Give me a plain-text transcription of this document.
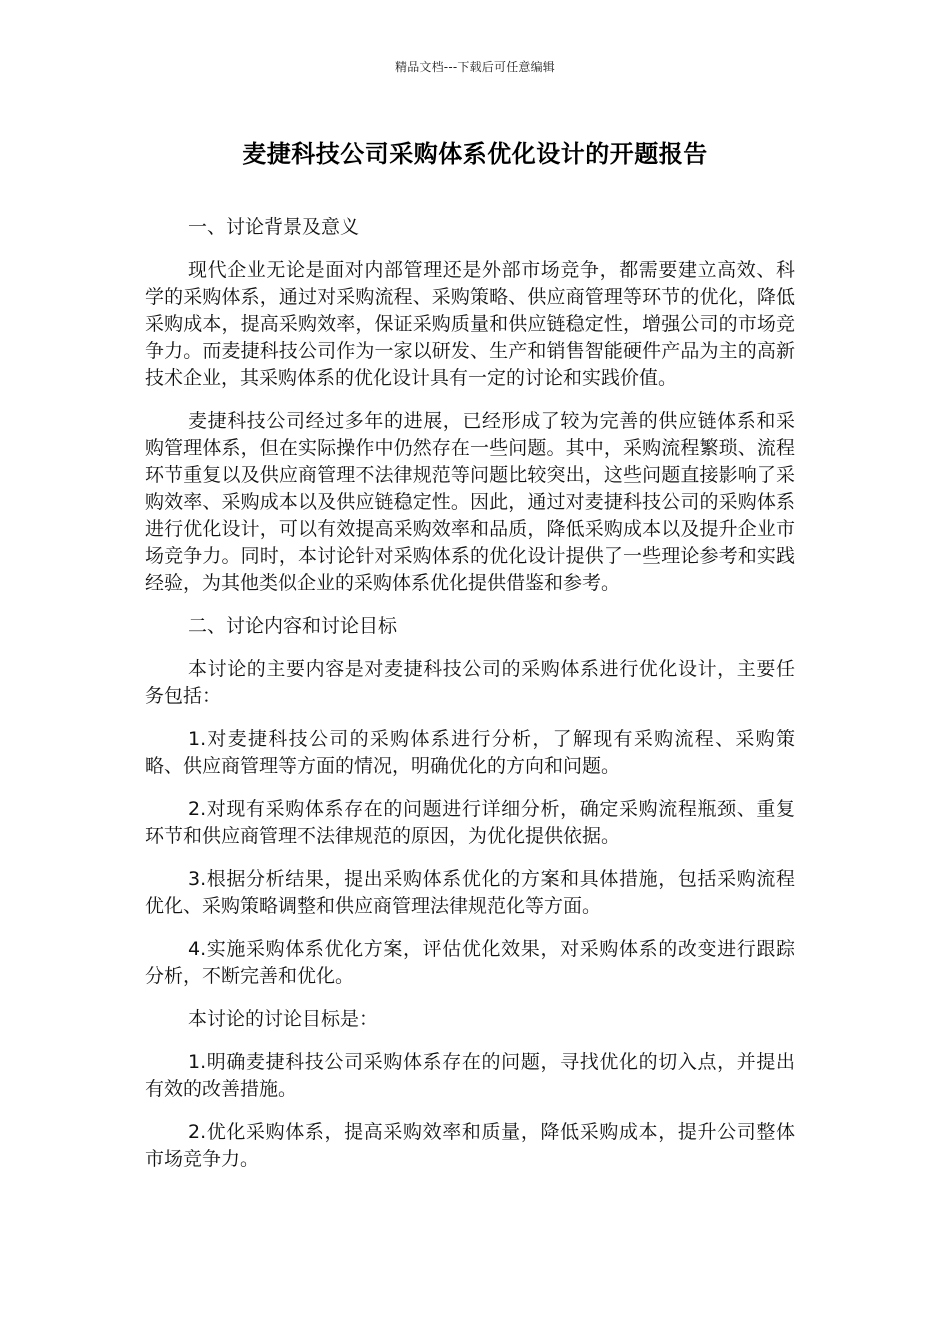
精品文档---下载后可任意编辑
麦捷科技公司采购体系优化设计的开题报告

一、讨论背景及意义

现代企业无论是面对内部管理还是外部市场竞争，都需要建立高效、科学的采购体系，通过对采购流程、采购策略、供应商管理等环节的优化，降低采购成本，提高采购效率，保证采购质量和供应链稳定性，增强公司的市场竞争力。而麦捷科技公司作为一家以研发、生产和销售智能硬件产品为主的高新技术企业，其采购体系的优化设计具有一定的讨论和实践价值。

麦捷科技公司经过多年的进展，已经形成了较为完善的供应链体系和采购管理体系，但在实际操作中仍然存在一些问题。其中，采购流程繁琐、流程环节重复以及供应商管理不法律规范等问题比较突出，这些问题直接影响了采购效率、采购成本以及供应链稳定性。因此，通过对麦捷科技公司的采购体系进行优化设计，可以有效提高采购效率和品质，降低采购成本以及提升企业市场竞争力。同时，本讨论针对采购体系的优化设计提供了一些理论参考和实践经验，为其他类似企业的采购体系优化提供借鉴和参考。

二、讨论内容和讨论目标

本讨论的主要内容是对麦捷科技公司的采购体系进行优化设计，主要任务包括：

1.对麦捷科技公司的采购体系进行分析，了解现有采购流程、采购策略、供应商管理等方面的情况，明确优化的方向和问题。

2.对现有采购体系存在的问题进行详细分析，确定采购流程瓶颈、重复环节和供应商管理不法律规范的原因，为优化提供依据。

3.根据分析结果，提出采购体系优化的方案和具体措施，包括采购流程优化、采购策略调整和供应商管理法律规范化等方面。

4.实施采购体系优化方案，评估优化效果，对采购体系的改变进行跟踪分析，不断完善和优化。

本讨论的讨论目标是：

1.明确麦捷科技公司采购体系存在的问题，寻找优化的切入点，并提出有效的改善措施。

2.优化采购体系，提高采购效率和质量，降低采购成本，提升公司整体市场竞争力。
